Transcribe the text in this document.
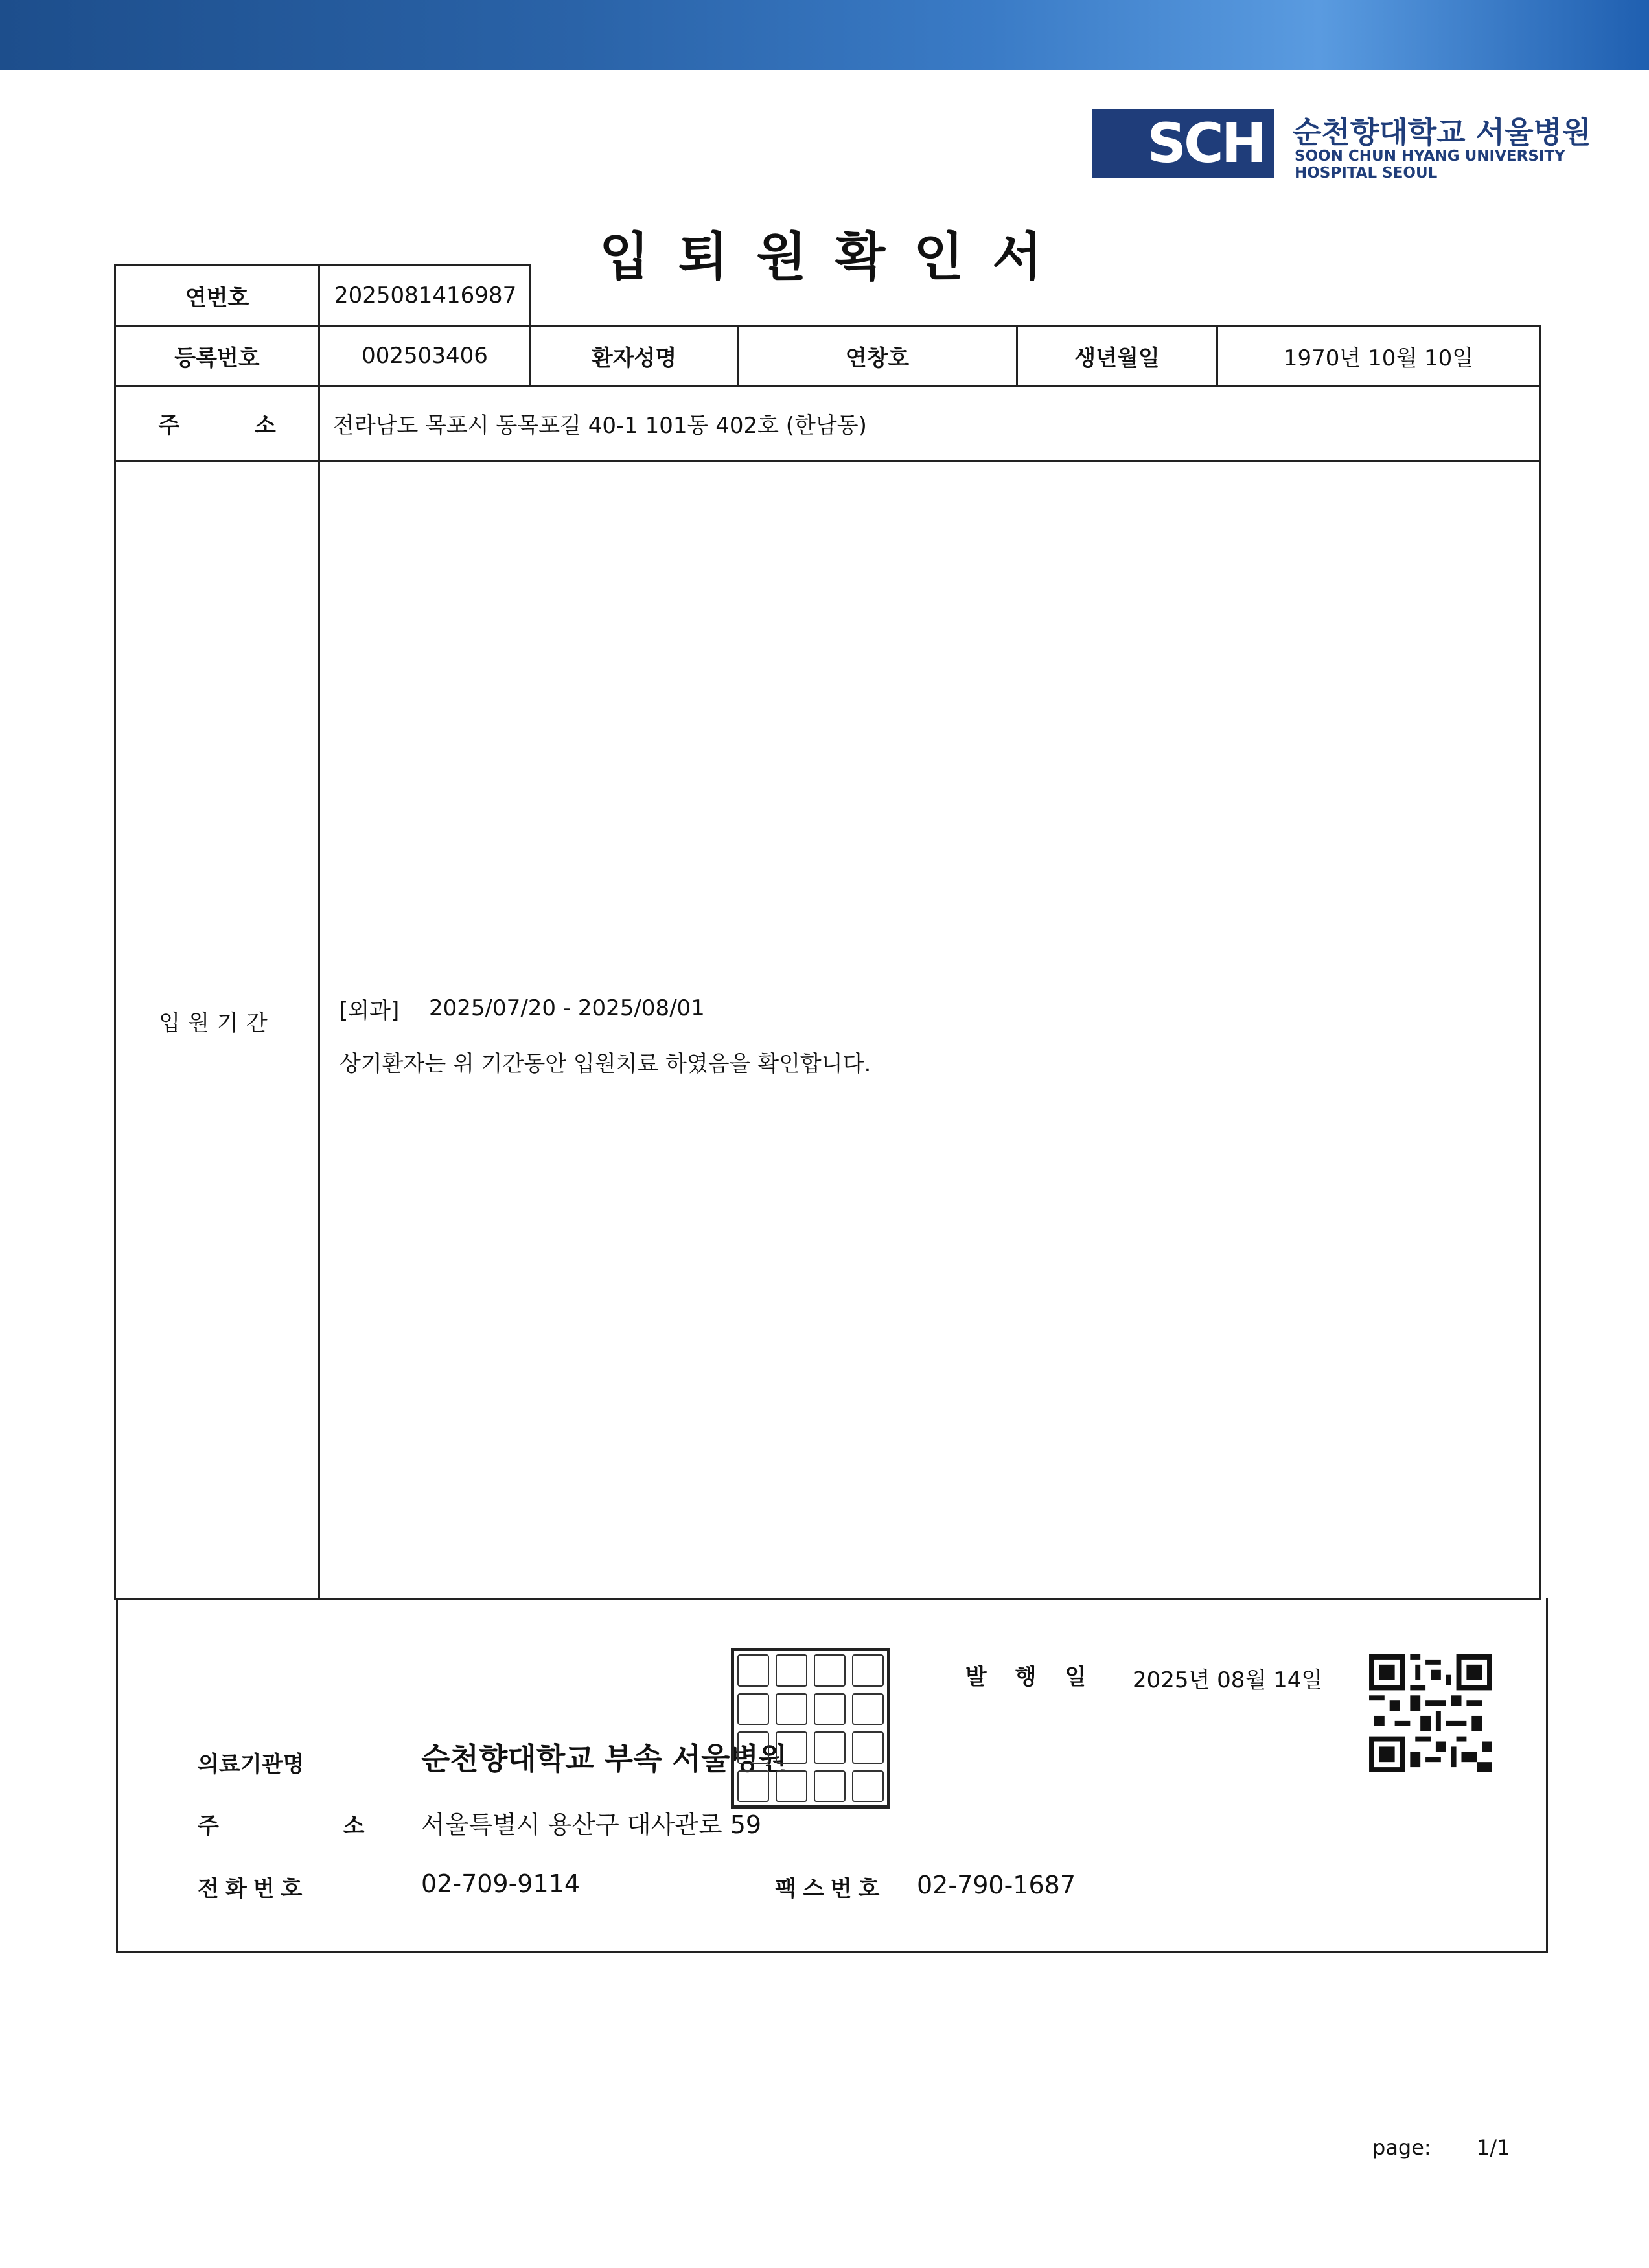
SCH 순천향대학교 서울병원
SOON CHUN HYANG UNIVERSITY
HOSPITAL SEOUL
입퇴원확인서
연번호	2025081416987
등록번호	002503406	환자성명	연창호	생년월일	1970년 10월 10일
주 소	전라남도 목포시 동목포길 40-1 101동 402호 (한남동)
입원기간	[외과] 2025/07/20 - 2025/08/01
상기환자는 위 기간동안 입원치료 하였음을 확인합니다.
발 행 일 2025년 08월 14일
의료기관명	순천향대학교 부속 서울병원
주 소
서울특별시 용산구 대사관로 59
전화번호	02-709-9114	팩스번호 02-790-1687
page: 1/1
